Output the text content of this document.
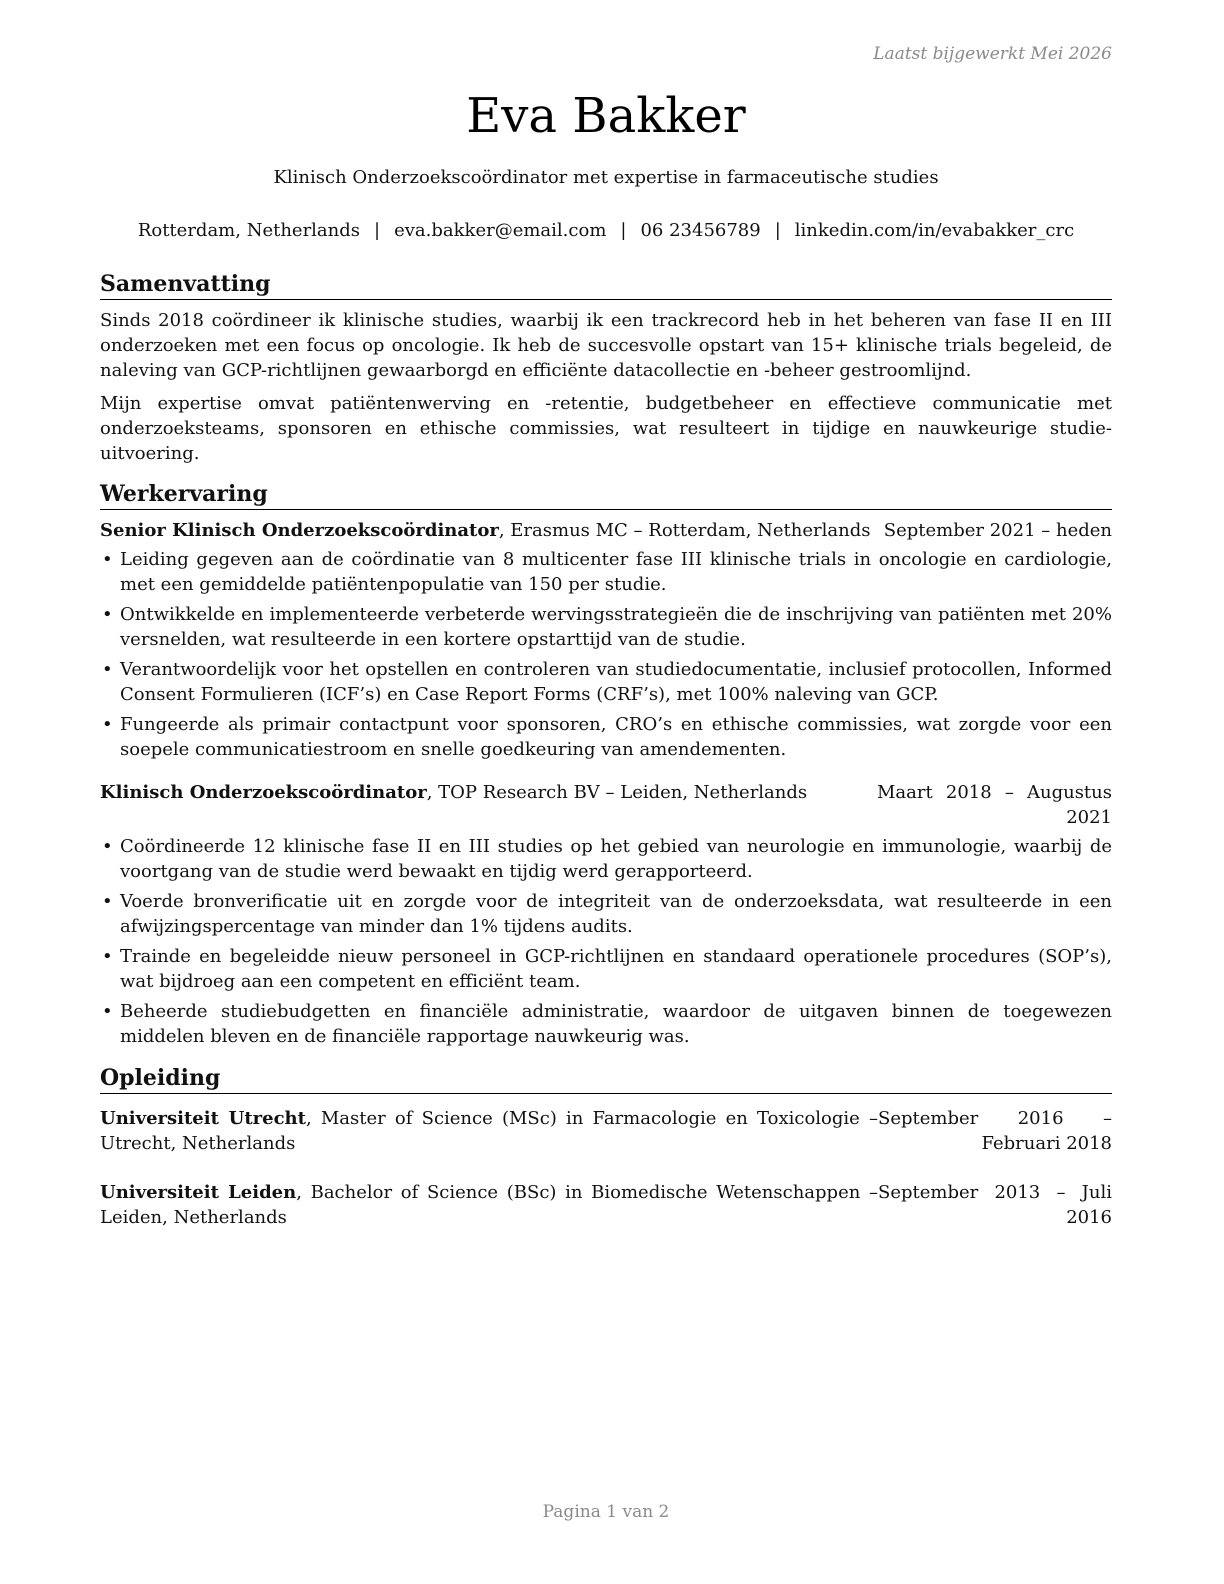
Laatst bijgewerkt Mei 2026
Eva Bakker
Klinisch Onderzoekscoördinator met expertise in farmaceutische studies
Rotterdam, Netherlands | eva.bakker@email.com | 06 23456789 | linkedin.com/in/evabakker_crc
Samenvatting

Sinds 2018 coördineer ik klinische studies, waarbij ik een trackrecord heb in het beheren van fase II en III onderzoeken met een focus op oncologie. Ik heb de succesvolle opstart van 15+ klinische trials begeleid, de naleving van GCP-richtlijnen gewaarborgd en efficiënte datacollectie en -beheer gestroomlijnd.

Mijn expertise omvat patiëntenwerving en -retentie, budgetbeheer en effectieve communicatie met onderzoeksteams, sponsoren en ethische commissies, wat resulteert in tijdige en nauwkeurige studie-uitvoering.

Werkervaring
Senior Klinisch Onderzoekscoördinator, Erasmus MC – Rotterdam, Netherlands September 2021 – heden
• Leiding gegeven aan de coördinatie van 8 multicenter fase III klinische trials in oncologie en cardiologie, met een gemiddelde patiëntenpopulatie van 150 per studie.
• Ontwikkelde en implementeerde verbeterde wervingsstrategieën die de inschrijving van patiënten met 20% versnelden, wat resulteerde in een kortere opstarttijd van de studie.
• Verantwoordelijk voor het opstellen en controleren van studiedocumentatie, inclusief protocollen, Informed Consent Formulieren (ICF’s) en Case Report Forms (CRF’s), met 100% naleving van GCP.
• Fungeerde als primair contactpunt voor sponsoren, CRO’s en ethische commissies, wat zorgde voor een soepele communicatiestroom en snelle goedkeuring van amendementen.
Klinisch Onderzoekscoördinator, TOP Research BV – Leiden, Netherlands	Maart 2018 – Augustus 2021
• Coördineerde 12 klinische fase II en III studies op het gebied van neurologie en immunologie, waarbij de voortgang van de studie werd bewaakt en tijdig werd gerapporteerd.
• Voerde bronverificatie uit en zorgde voor de integriteit van de onderzoeksdata, wat resulteerde in een afwijzingspercentage van minder dan 1% tijdens audits.
• Trainde en begeleidde nieuw personeel in GCP-richtlijnen en standaard operationele procedures (SOP’s), wat bijdroeg aan een competent en efficiënt team.
• Beheerde studiebudgetten en financiële administratie, waardoor de uitgaven binnen de toegewezen middelen bleven en de financiële rapportage nauwkeurig was.
Opleiding
Universiteit Utrecht, Master of Science (MSc) in Farmacologie en Toxicologie – Utrecht, Netherlands
September 2016 – Februari 2018
Universiteit Leiden, Bachelor of Science (BSc) in Biomedische Wetenschappen – Leiden, Netherlands
September 2013 – Juli 2016
Pagina 1 van 2
